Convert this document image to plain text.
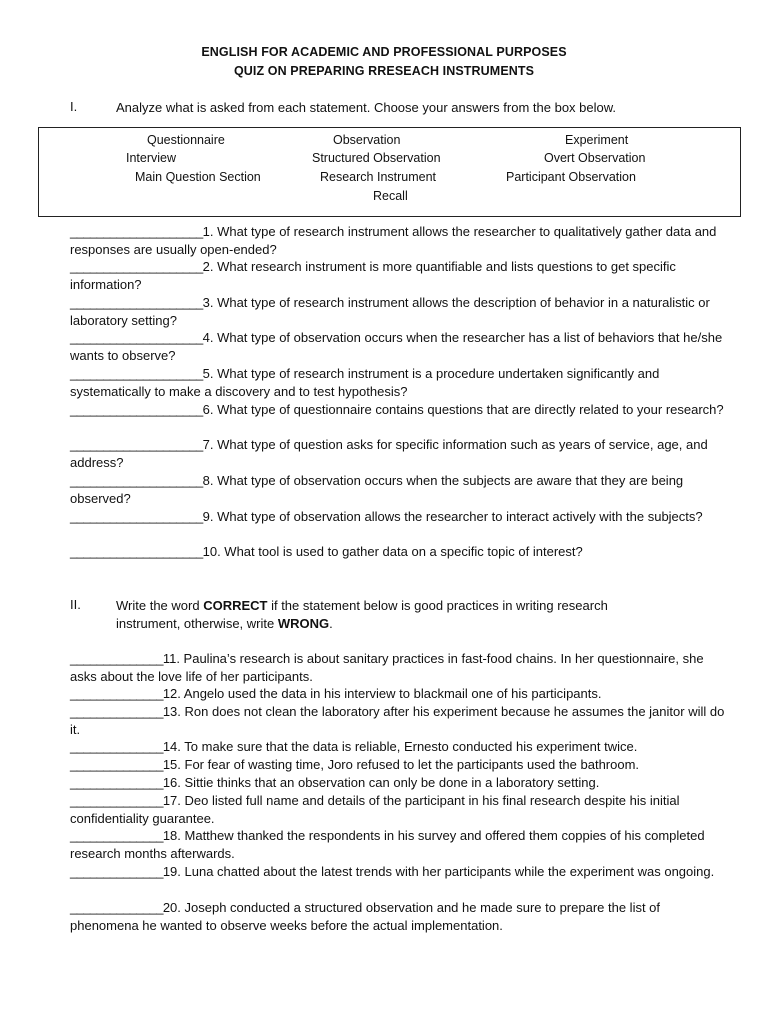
ENGLISH FOR ACADEMIC AND PROFESSIONAL PURPOSES
QUIZ ON PREPARING RRESEACH INSTRUMENTS
I.	Analyze what is asked from each statement. Choose your answers from the box below.
Questionnaire	Observation	Experiment
Interview	Structured Observation	Overt Observation
Main Question Section	Research Instrument	Participant Observation
Recall
____________________1. What type of research instrument allows the researcher to qualitatively gather data and responses are usually open-ended?
____________________2. What research instrument is more quantifiable and lists questions to get specific information?
____________________3. What type of research instrument allows the description of behavior in a naturalistic or laboratory setting?
____________________4. What type of observation occurs when the researcher has a list of behaviors that he/she wants to observe?
____________________5. What type of research instrument is a procedure undertaken significantly and systematically to make a discovery and to test hypothesis?
____________________6. What type of questionnaire contains questions that are directly related to your research?
____________________7. What type of question asks for specific information such as years of service, age, and address?
____________________8. What type of observation occurs when the subjects are aware that they are being observed?
____________________9. What type of observation allows the researcher to interact actively with the subjects?
____________________10. What tool is used to gather data on a specific topic of interest?
II.	Write the word CORRECT if the statement below is good practices in writing research instrument, otherwise, write WRONG.
______________11. Paulina’s research is about sanitary practices in fast-food chains. In her questionnaire, she asks about the love life of her participants.
______________12. Angelo used the data in his interview to blackmail one of his participants.
______________13. Ron does not clean the laboratory after his experiment because he assumes the janitor will do it.
______________14. To make sure that the data is reliable, Ernesto conducted his experiment twice.
______________15. For fear of wasting time, Joro refused to let the participants used the bathroom.
______________16. Sittie thinks that an observation can only be done in a laboratory setting.
______________17. Deo listed full name and details of the participant in his final research despite his initial confidentiality guarantee.
______________18. Matthew thanked the respondents in his survey and offered them coppies of his completed research months afterwards.
______________19. Luna chatted about the latest trends with her participants while the experiment was ongoing.
______________20. Joseph conducted a structured observation and he made sure to prepare the list of phenomena he wanted to observe weeks before the actual implementation.
